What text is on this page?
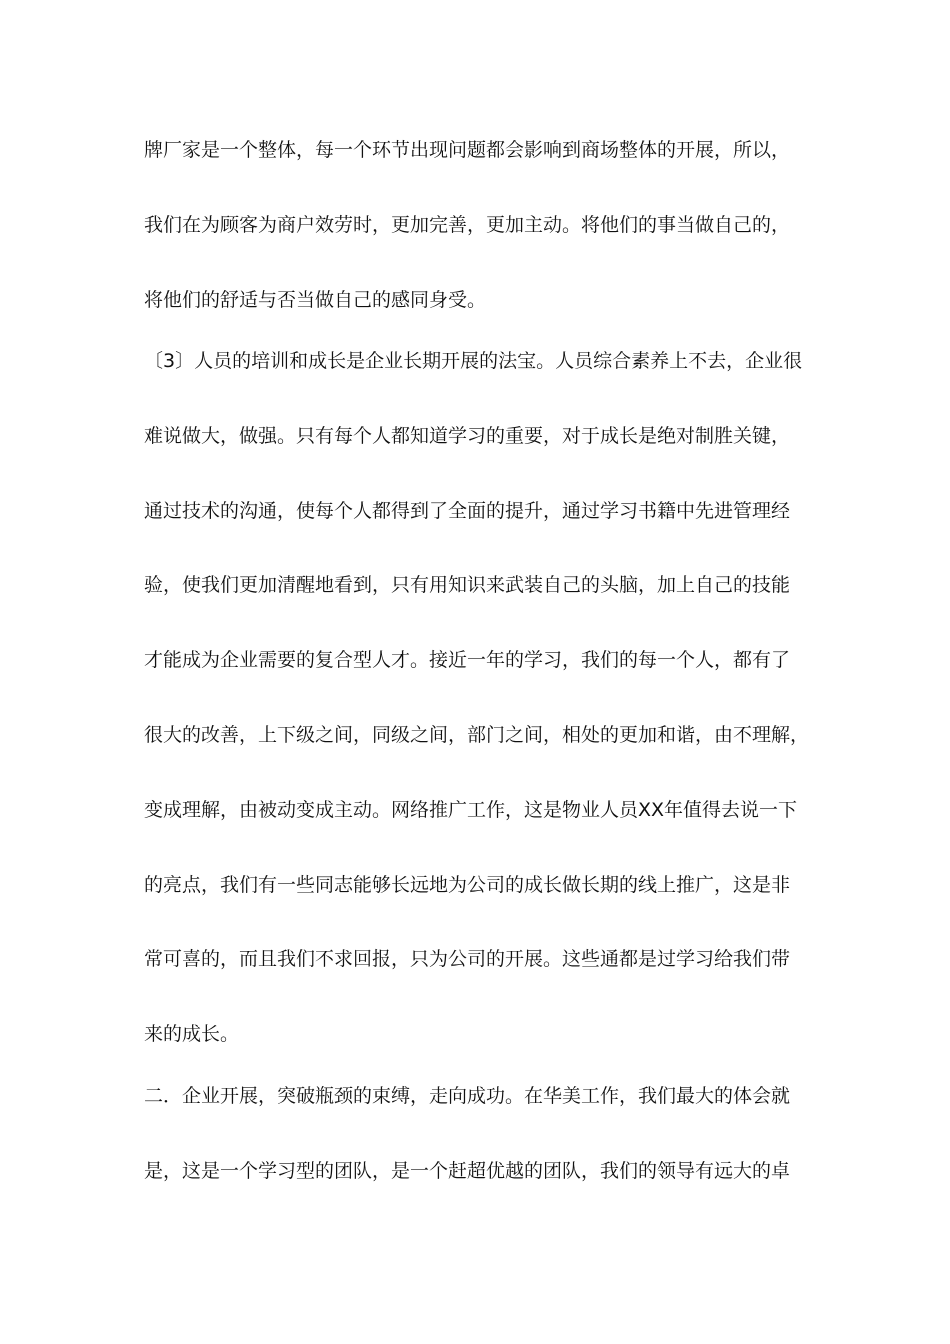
牌厂家是一个整体，每一个环节出现问题都会影响到商场整体的开展，所以，
我们在为顾客为商户效劳时，更加完善，更加主动。将他们的事当做自己的，
将他们的舒适与否当做自己的感同身受。
〔3〕人员的培训和成长是企业长期开展的法宝。人员综合素养上不去，企业很
难说做大，做强。只有每个人都知道学习的重要，对于成长是绝对制胜关键，
通过技术的沟通，使每个人都得到了全面的提升，通过学习书籍中先进管理经
验，使我们更加清醒地看到，只有用知识来武装自己的头脑，加上自己的技能
才能成为企业需要的复合型人才。接近一年的学习，我们的每一个人，都有了
很大的改善，上下级之间，同级之间，部门之间，相处的更加和谐，由不理解，
变成理解，由被动变成主动。网络推广工作，这是物业人员XX年值得去说一下
的亮点，我们有一些同志能够长远地为公司的成长做长期的线上推广，这是非
常可喜的，而且我们不求回报，只为公司的开展。这些通都是过学习给我们带
来的成长。
二．企业开展，突破瓶颈的束缚，走向成功。在华美工作，我们最大的体会就
是，这是一个学习型的团队，是一个赶超优越的团队，我们的领导有远大的卓
